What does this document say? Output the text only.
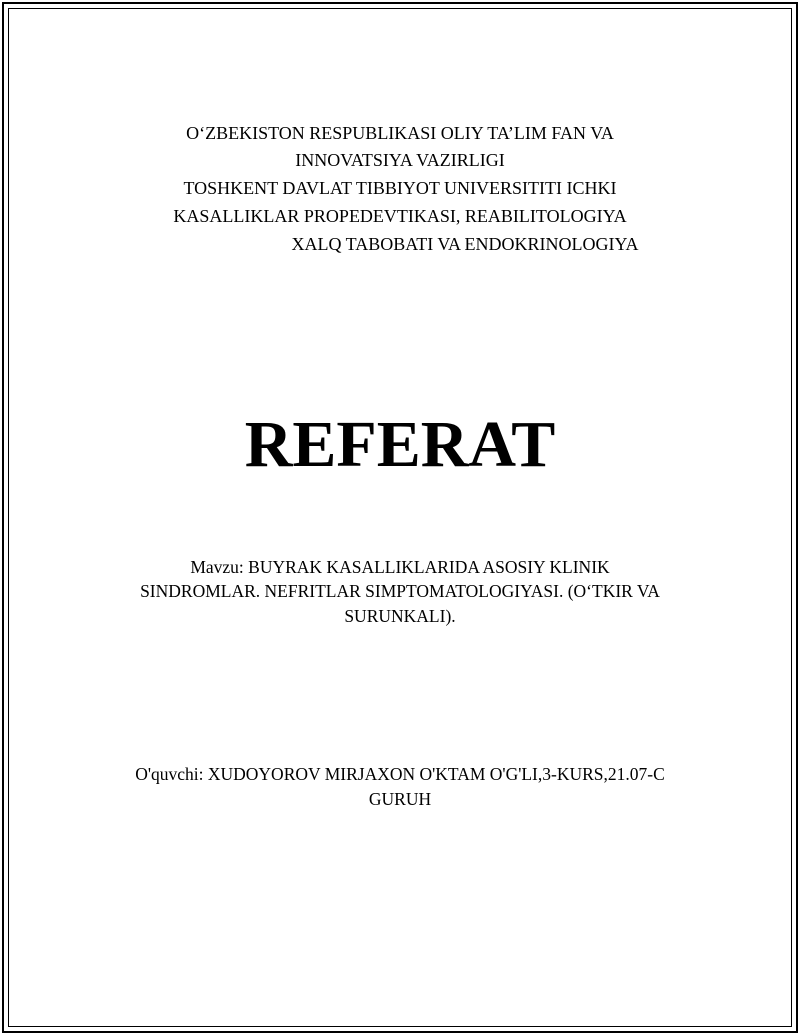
O‘ZBEKISTON RESPUBLIKASI OLIY TA’LIM FAN VA
INNOVATSIYA VAZIRLIGI
TOSHKENT DAVLAT TIBBIYOT UNIVERSITITI ICHKI
KASALLIKLAR PROPEDEVTIKASI, REABILITOLOGIYA
XALQ TABOBATI VA ENDOKRINOLOGIYA
REFERAT
Mavzu: BUYRAK KASALLIKLARIDA ASOSIY KLINIK
SINDROMLAR. NEFRITLAR SIMPTOMATOLOGIYASI. (O‘TKIR VA
SURUNKALI).
O'quvchi: XUDOYOROV MIRJAXON O'KTAM O'G'LI,3-KURS,21.07-C
GURUH
